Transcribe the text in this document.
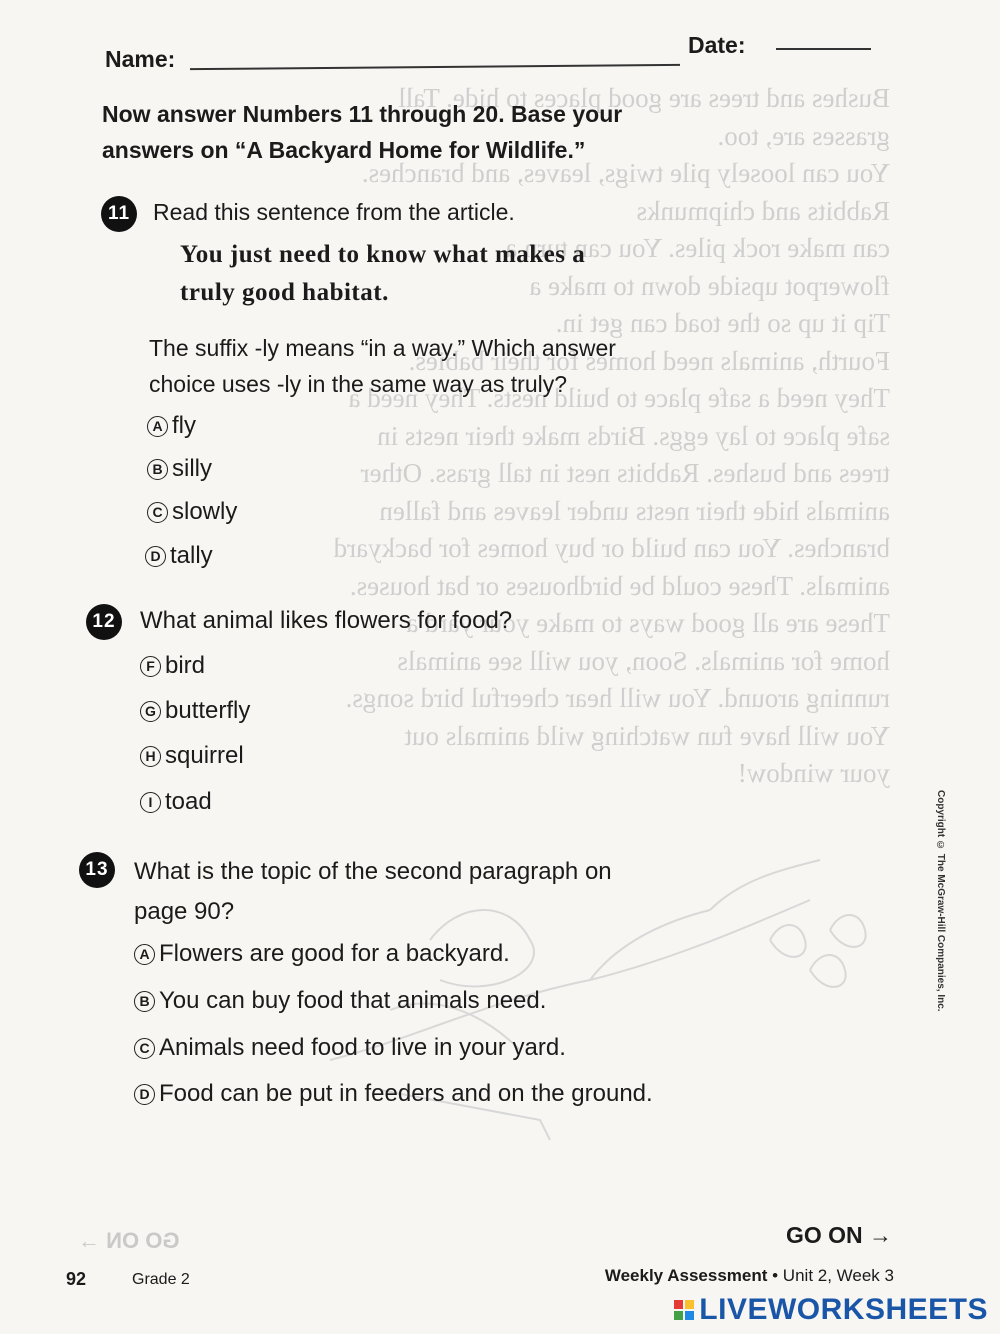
Bushes and trees are good places to hide. Tall
grasses are, too.
You can loosely pile twigs, leaves, and branches.
Rabbits and chipmunks
can make rock piles. You can turn a
flowerpot upside down to make a
Tip it up so the toad can get in.
Fourth, animals need homes for their babies.
They need a safe place to build nests. They need a
safe place to lay eggs. Birds make their nests in
trees and bushes. Rabbits nest in tall grass. Other
animals hide their nests under leaves and fallen
branches. You can build or buy homes for backyard
animals. These could be birdhouses or bat houses.
These are all good ways to make your yard a
home for animals. Soon, you will see animals
running around. You will hear cheerful bird songs.
You will have fun watching wild animals out
your window!
Name:
Date:
Now answer Numbers 11 through 20. Base your
answers on “A Backyard Home for Wildlife.”
11 Read this sentence from the article.
You just need to know what makes a
truly good habitat.
The suffix -ly means “in a way.” Which answer
choice uses -ly in the same way as truly?
A fly
B silly
C slowly
D tally
12 What animal likes flowers for food?
F bird
G butterfly
H squirrel
I toad
13 What is the topic of the second paragraph on
page 90?
A Flowers are good for a backyard.
B You can buy food that animals need.
C Animals need food to live in your yard.
D Food can be put in feeders and on the ground.
Copyright © The McGraw-Hill Companies, Inc.
GO ON →	GO ON →
92	Grade 2	Weekly Assessment • Unit 2, Week 3
LIVEWORKSHEETS
